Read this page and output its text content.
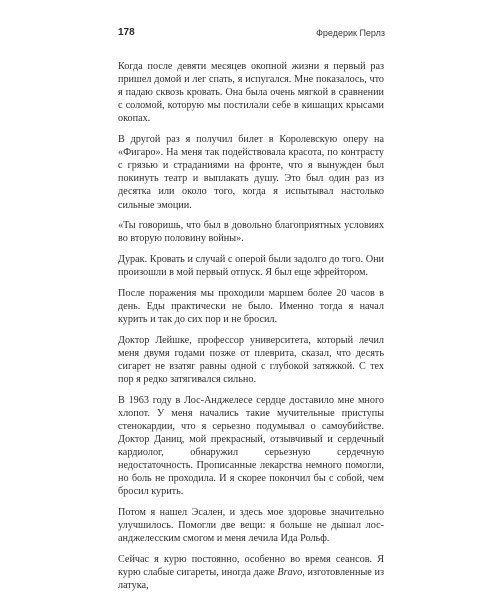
178	Фредерик Перлз

Когда после девяти месяцев окопной жизни я первый раз пришел домой и лег спать, я испугался. Мне показалось, что я падаю сквозь кровать. Она была очень мягкой в сравнении с соломой, которую мы постилали себе в кишащих крысами окопах.

В другой раз я получил билет в Королевскую оперу на «Фигаро». На меня так подействовала красота, по контрасту с грязью и страданиями на фронте, что я вынужден был покинуть театр и выплакать душу. Это был один раз из десятка или около того, когда я испытывал настолько сильные эмоции.

«Ты говоришь, что был в довольно благоприятных условиях во вторую половину войны».

Дурак. Кровать и случай с оперой были задолго до того. Они произошли в мой первый отпуск. Я был еще эфрейтором.

После поражения мы проходили маршем более 20 часов в день. Еды практически не было. Именно тогда я начал курить и так до сих пор и не бросил.

Доктор Лейшке, профессор университета, который лечил меня двумя годами позже от плеврита, сказал, что десять сигарет не взатяг равны одной с глубокой затяжкой. С тех пор я редко затягивался сильно.

В 1963 году в Лос-Анджелесе сердце доставило мне много хлопот. У меня начались такие мучительные приступы стенокардии, что я серьезно подумывал о самоубийстве. Доктор Даниц, мой прекрасный, отзывчивый и сердечный кардиолог, обнаружил серьезную сердечную недостаточность. Прописанные лекарства немного помогли, но боль не проходила. И я скорее покончил бы с собой, чем бросил курить.

Потом я нашел Эсален, и здесь мое здоровье значительно улучшилось. Помогли две вещи: я больше не дышал лос-анджелесским смогом и меня лечила Ида Рольф.

Сейчас я курю постоянно, особенно во время сеансов. Я курю слабые сигареты, иногда даже Bravo, изготовленные из латука,
